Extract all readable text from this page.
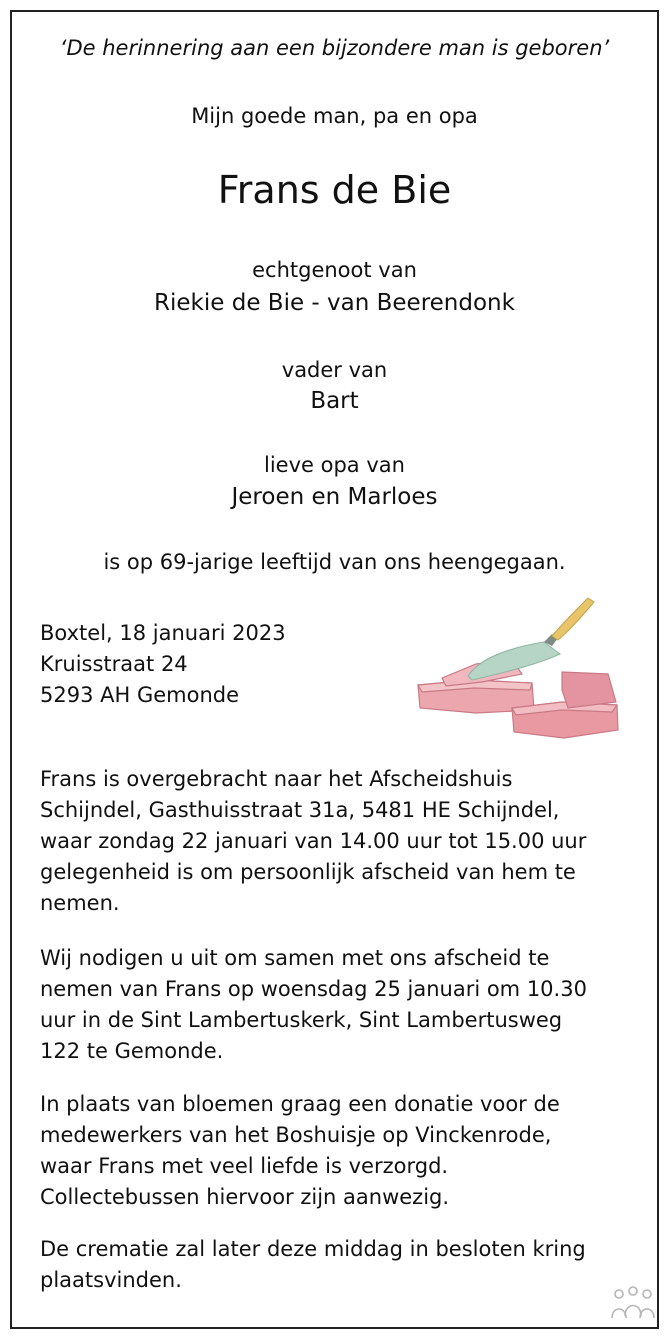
‘De herinnering aan een bijzondere man is geboren’
Mijn goede man, pa en opa
Frans de Bie
echtgenoot van
Riekie de Bie - van Beerendonk
vader van
Bart
lieve opa van
Jeroen en Marloes
is op 69-jarige leeftijd van ons heengegaan.
Boxtel, 18 januari 2023
Kruisstraat 24
5293 AH Gemonde
Frans is overgebracht naar het Afscheidshuis
Schijndel, Gasthuisstraat 31a, 5481 HE Schijndel,
waar zondag 22 januari van 14.00 uur tot 15.00 uur
gelegenheid is om persoonlijk afscheid van hem te
nemen.
Wij nodigen u uit om samen met ons afscheid te
nemen van Frans op woensdag 25 januari om 10.30
uur in de Sint Lambertuskerk, Sint Lambertusweg
122 te Gemonde.
In plaats van bloemen graag een donatie voor de
medewerkers van het Boshuisje op Vinckenrode,
waar Frans met veel liefde is verzorgd.
Collectebussen hiervoor zijn aanwezig.
De crematie zal later deze middag in besloten kring
plaatsvinden.
